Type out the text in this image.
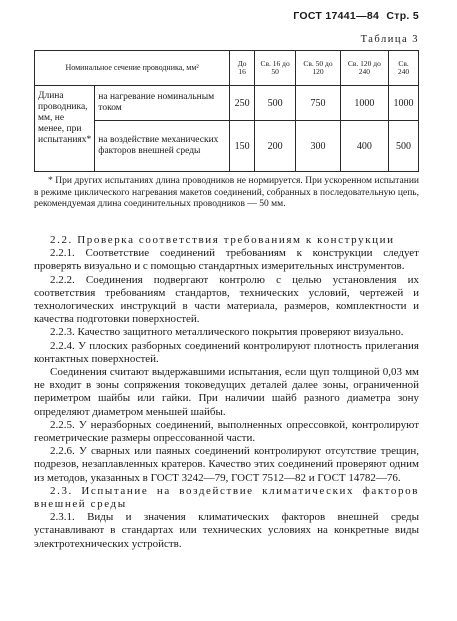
ГОСТ 17441—84 Стр. 5
Таблица 3
Номинальное сечение проводника, мм²		До 16	Св. 16 до 50	Св. 50 до 120	Св. 120 до 240	Св. 240
Длина проводника, мм, не менее, при испытаниях*	на нагревание номинальным током	250	500	750	1000	1000
	на воздействие механических факторов внешней среды	150	200	300	400	500
* При других испытаниях длина проводников не нормируется. При ускоренном испытании в режиме циклического нагревания макетов соединений, собранных в последовательную цепь, рекомендуемая длина соединительных проводников — 50 мм.

2.2. Проверка соответствия требованиям к конструкции

2.2.1. Соответствие соединений требованиям к конструкции следует проверять визуально и с помощью стандартных измерительных инструментов.

2.2.2. Соединения подвергают контролю с целью установления их соответствия требованиям стандартов, технических условий, чертежей и технологических инструкций в части материала, размеров, комплектности и качества подготовки поверхностей.

2.2.3. Качество защитного металлического покрытия проверяют визуально.

2.2.4. У плоских разборных соединений контролируют плотность прилегания контактных поверхностей.

Соединения считают выдержавшими испытания, если щуп толщиной 0,03 мм не входит в зоны сопряжения токоведущих деталей далее зоны, ограниченной периметром шайбы или гайки. При наличии шайб разного диаметра зону определяют диаметром меньшей шайбы.

2.2.5. У неразборных соединений, выполненных опрессовкой, контролируют геометрические размеры опрессованной части.

2.2.6. У сварных или паяных соединений контролируют отсутствие трещин, подрезов, незаплавленных кратеров. Качество этих соединений проверяют одним из методов, указанных в ГОСТ 3242—79, ГОСТ 7512—82 и ГОСТ 14782—76.

2.3. Испытание на воздействие климатических факторов внешней среды

2.3.1. Виды и значения климатических факторов внешней среды устанавливают в стандартах или технических условиях на конкретные виды электротехнических устройств.
